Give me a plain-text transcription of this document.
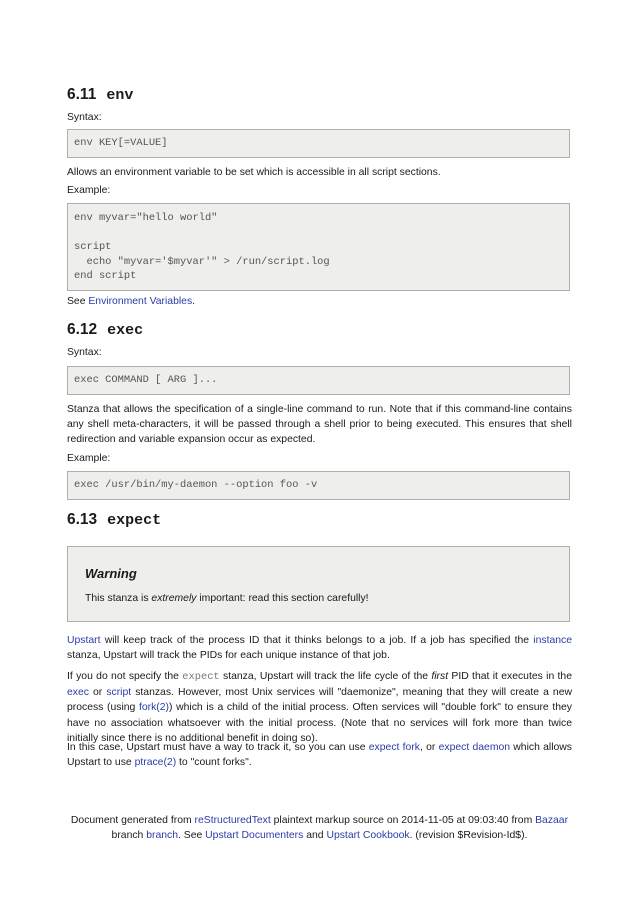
6.11 env

Syntax:

env KEY[=VALUE]

Allows an environment variable to be set which is accessible in all script sections.

Example:

env myvar="hello world"
script
echo "myvar='$myvar'" > /run/script.log
end script

See Environment Variables.

6.12 exec

Syntax:

exec COMMAND [ ARG ]...

Stanza that allows the specification of a single-line command to run. Note that if this command-line contains any shell meta-characters, it will be passed through a shell prior to being executed. This ensures that shell redirection and variable expansion occur as expected.

Example:

exec /usr/bin/my-daemon --option foo -v
6.13 expect
Warning
This stanza is extremely important: read this section carefully!

Upstart will keep track of the process ID that it thinks belongs to a job. If a job has specified the instance stanza, Upstart will track the PIDs for each unique instance of that job.

If you do not specify the expect stanza, Upstart will track the life cycle of the first PID that it executes in the exec or script stanzas. However, most Unix services will "daemonize", meaning that they will create a new process (using fork(2)) which is a child of the initial process. Often services will "double fork" to ensure they have no association whatsoever with the initial process. (Note that no services will fork more than twice initially since there is no additional benefit in doing so).

In this case, Upstart must have a way to track it, so you can use expect fork, or expect daemon which allows Upstart to use ptrace(2) to "count forks".

Document generated from reStructuredText plaintext markup source on 2014-11-05 at 09:03:40 from Bazaar
branch branch. See Upstart Documenters and Upstart Cookbook. (revision $Revision-Id$).
